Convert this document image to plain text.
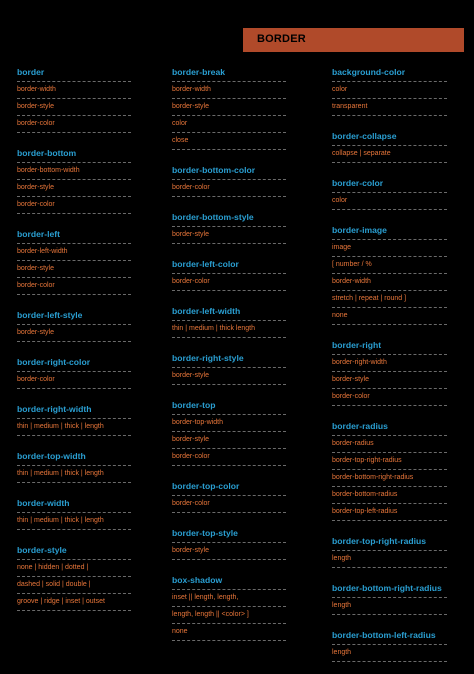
BORDER
border
border-width
border-style
border-color
border-bottom
border-bottom-width
border-style
border-color
border-left
border-left-width
border-style
border-color
border-left-style
border-style
border-right-color
border-color
border-right-width
thin | medium | thick | length
border-top-width
thin | medium | thick | length
border-width
thin | medium | thick | length
border-style
none | hidden | dotted |
dashed | solid | double |
groove | ridge | inset | outset
border-break
border-width
border-style
color
close
border-bottom-color
border-color
border-bottom-style
border-style
border-left-color
border-color
border-left-width
thin | medium | thick length
border-right-style
border-style
border-top
border-top-width
border-style
border-color
border-top-color
border-color
border-top-style
border-style
box-shadow
inset || length, length,
length, length || <color> ]
none
background-color
color
transparent
border-collapse
collapse | separate
border-color
color
border-image
image
[ number / %
border-width
stretch | repeat | round ]
none
border-right
border-right-width
border-style
border-color
border-radius
border-radius
border-top-right-radius
border-bottom-right-radius
border-bottom-radius
border-top-left-radius
border-top-right-radius
length
border-bottom-right-radius
length
border-bottom-left-radius
length
